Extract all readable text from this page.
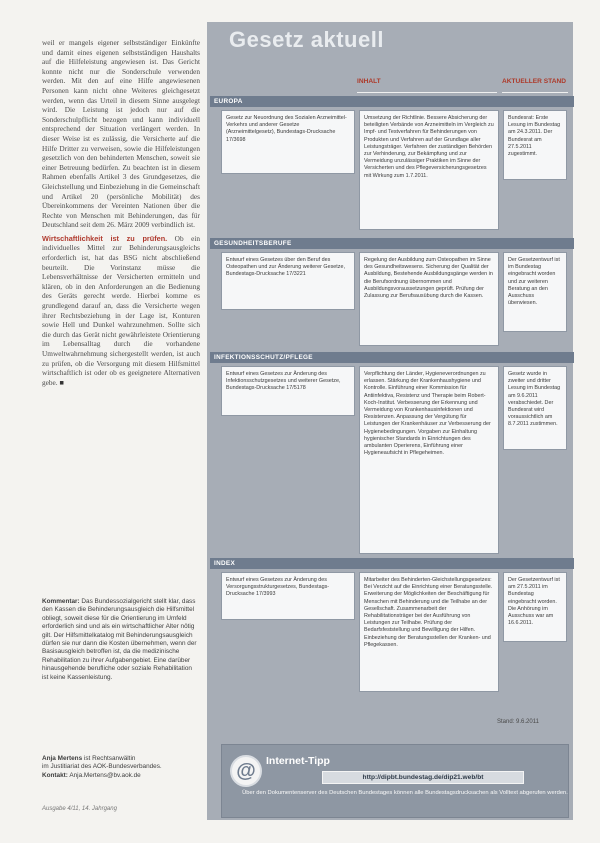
weil er mangels eigener selbstständiger Einkünfte und damit eines eigenen selbstständigen Haushalts auf die Hilfeleistung angewiesen ist. Das Gericht konnte nicht nur die Sonderschule verwenden werden. Mit den auf eine Hilfe angewiesenen Personen kann nicht ohne Weiteres gleichgesetzt werden, wenn das Urteil in diesem Sinne ausgelegt wird. Die Leistung ist jedoch nur auf die Sonderschulpflicht bezogen und kann individuell entsprechend der Situation verlängert werden. In dieser Weise ist es zulässig, die Versicherte auf die Hilfe Dritter zu verweisen, sowie die Hilfeleistungen gesetzlich von den behinderten Menschen, soweit sie einer Betreuung bedürfen. Zu beachten ist in diesem Rahmen ebenfalls Artikel 3 des Grundgesetzes, die Gleichstellung und Einbeziehung in die Gemeinschaft und Artikel 20 (persönliche Mobilität) des Übereinkommens der Vereinten Nationen über die Rechte von Menschen mit Behinderungen, das für Deutschland seit dem 26. März 2009 verbindlich ist.

Wirtschaftlichkeit ist zu prüfen. Ob ein individuelles Mittel zur Behinderungsausgleichs erforderlich ist, hat das BSG nicht abschließend beurteilt. Die Vorinstanz müsse die Lebensverhältnisse der Versicherten ermitteln und klären, ob in den Anforderungen an die Bedienung des Geräts gerecht werde. Hierbei komme es grundlegend darauf an, dass die Versicherte wegen ihrer Rechtsbeziehung in der Lage ist, Konturen sowie Hell und Dunkel wahrzunehmen. Sollte sich die durch das Gerät nicht gewährleistete Orientierung im Lebensalltag durch die vorhandene Umweltwahrnehmung sichergestellt werden, ist auch zu prüfen, ob die Versorgung mit diesem Hilfsmittel wirtschaftlich ist oder ob es geeignetere Alternativen gebe. ■

Kommentar: Das Bundessozialgericht stellt klar, dass den Kassen die Behinderungsausgleich die Hilfsmittel obliegt, soweit diese für die Orientierung im Umfeld erforderlich sind und als ein wirtschaftlicher Alter nötig gilt. Der Hilfsmittelkatalog mit Behinderungsausgleich dürfen sie nur dann die Kosten übernehmen, wenn der Basisausgleich betroffen ist, da die medizinische Rehabilitation zu ihrer Aufgabengebiet. Eine darüber hinausgehende berufliche oder soziale Rehabilitation ist keine Kassenleistung.
Anja Mertens ist Rechtsanwältin
im Justitiariat des AOK-Bundesverbandes.
Kontakt: Anja.Mertens@bv.aok.de
Ausgabe 4/11, 14. Jahrgang
Gesetz aktuell
INHALT	AKTUELLER STAND
EUROPA
Gesetz zur Neuordnung des Sozialen Arzneimittel-Verkehrs und anderer Gesetze (Arzneimittelgesetz), Bundestags-Drucksache 17/3698
Umsetzung der Richtlinie. Bessere Absicherung der beteiligten Verbände von Arzneimitteln im Vergleich zu Impf- und Testverfahren für Behinderungen von Produkten und Verfahren auf der Grundlage aller Leistungsträger. Verfahren der zuständigen Behörden zur Verhinderung, zur Bekämpfung und zur Vermeidung unzulässiger Praktiken im Sinne der Versicherten und des Pflegeversicherungsgesetzes mit Wirkung zum 1.7.2011.
Bundesrat: Erste Lesung im Bundestag am 24.3.2011. Der Bundesrat am 27.5.2011 zugestimmt.
GESUNDHEITSBERUFE
Entwurf eines Gesetzes über den Beruf des Osteopathen und zur Änderung weiterer Gesetze, Bundestags-Drucksache 17/3221
Regelung der Ausbildung zum Osteopathen im Sinne des Gesundheitswesens. Sicherung der Qualität der Ausbildung, Bestehende Ausbildungsgänge werden in die Berufsordnung übernommen und Ausbildungsvoraussetzungen geprüft. Prüfung der Zulassung zur Berufsausübung durch die Kassen.
Der Gesetzentwurf ist im Bundestag eingebracht worden und zur weiteren Beratung an den Ausschuss überwiesen.
INFEKTIONSSCHUTZ/PFLEGE
Entwurf eines Gesetzes zur Änderung des Infektionsschutzgesetzes und weiterer Gesetze, Bundestags-Drucksache 17/5178
Verpflichtung der Länder, Hygieneverordnungen zu erlassen. Stärkung der Krankenhaushygiene und Kontrolle. Einführung einer Kommission für Antiinfektiva, Resistenz und Therapie beim Robert-Koch-Institut. Verbesserung der Erkennung und Vermeidung von Krankenhausinfektionen und Resistenzen. Anpassung der Vergütung für Leistungen der Krankenhäuser zur Verbesserung der Hygienebedingungen. Vorgaben zur Einhaltung hygienischer Standards in Einrichtungen des ambulanten Operierens, Einführung einer Hygieneaufsicht in Pflegeheimen.
Gesetz wurde in zweiter und dritter Lesung im Bundestag am 9.6.2011 verabschiedet. Der Bundesrat wird voraussichtlich am 8.7.2011 zustimmen.
INDEX
Entwurf eines Gesetzes zur Änderung des Versorgungsstrukturgesetzes, Bundestags-Drucksache 17/3993
Mitarbeiter des Behinderten-Gleichstellungsgesetzes: Bei Verzicht auf die Einrichtung einer Beratungsstelle. Erweiterung der Möglichkeiten der Beschäftigung für Menschen mit Behinderung und die Teilhabe an der Gesellschaft. Zusammenarbeit der Rehabilitationsträger bei der Ausführung von Leistungen zur Teilhabe. Prüfung der Bedarfsfeststellung und Bewilligung der Hilfen. Einbeziehung der Beratungsstellen der Kranken- und Pflegekassen.
Der Gesetzentwurf ist am 27.5.2011 im Bundestag eingebracht worden. Die Anhörung im Ausschuss war am 16.6.2011.
Stand: 9.6.2011
@ Internet-Tipp
http://dipbt.bundestag.de/dip21.web/bt
Über den Dokumentenserver des Deutschen Bundestages können alle Bundestagsdrucksachen als Volltext abgerufen werden.
